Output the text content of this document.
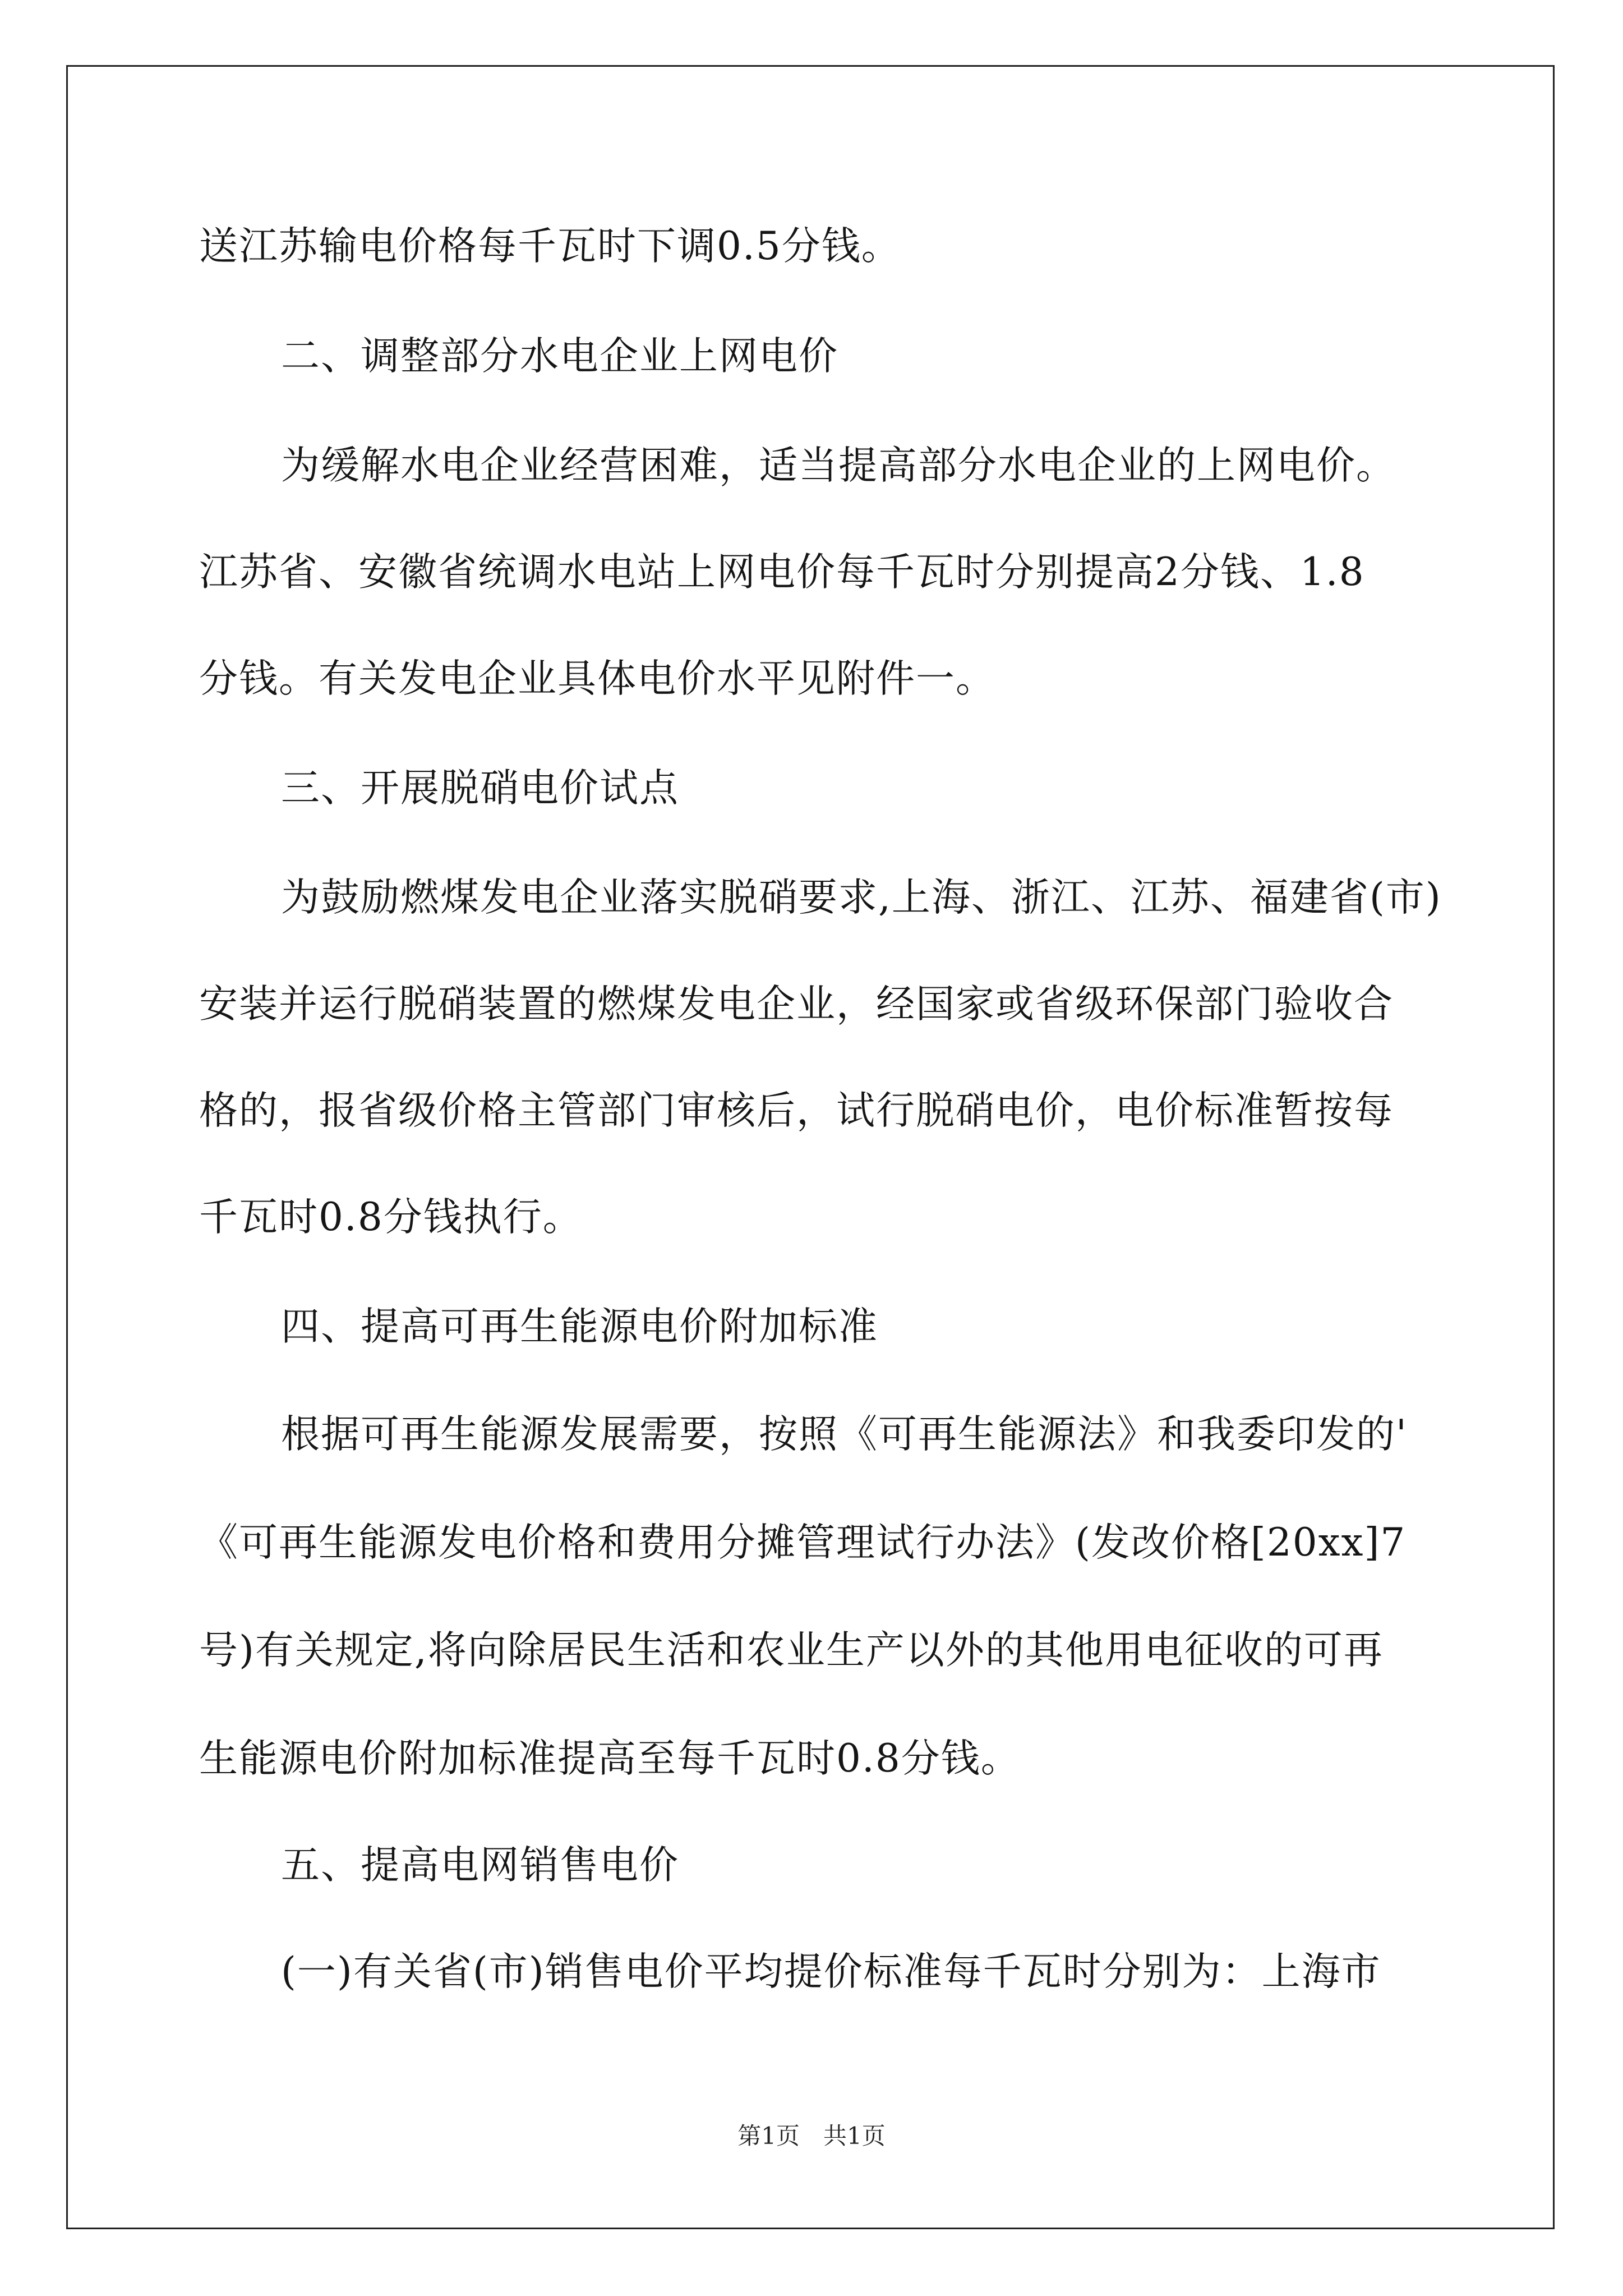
送江苏输电价格每千瓦时下调0.5分钱。
二、调整部分水电企业上网电价
为缓解水电企业经营困难，适当提高部分水电企业的上网电价。
江苏省、安徽省统调水电站上网电价每千瓦时分别提高2分钱、1.8
分钱。有关发电企业具体电价水平见附件一。
三、开展脱硝电价试点
为鼓励燃煤发电企业落实脱硝要求,上海、浙江、江苏、福建省(市)
安装并运行脱硝装置的燃煤发电企业，经国家或省级环保部门验收合
格的，报省级价格主管部门审核后，试行脱硝电价，电价标准暂按每
千瓦时0.8分钱执行。
四、提高可再生能源电价附加标准
根据可再生能源发展需要，按照《可再生能源法》和我委印发的'
《可再生能源发电价格和费用分摊管理试行办法》(发改价格[20xx]7
号)有关规定,将向除居民生活和农业生产以外的其他用电征收的可再
生能源电价附加标准提高至每千瓦时0.8分钱。
五、提高电网销售电价
(一)有关省(市)销售电价平均提价标准每千瓦时分别为：上海市
第1页　共1页
